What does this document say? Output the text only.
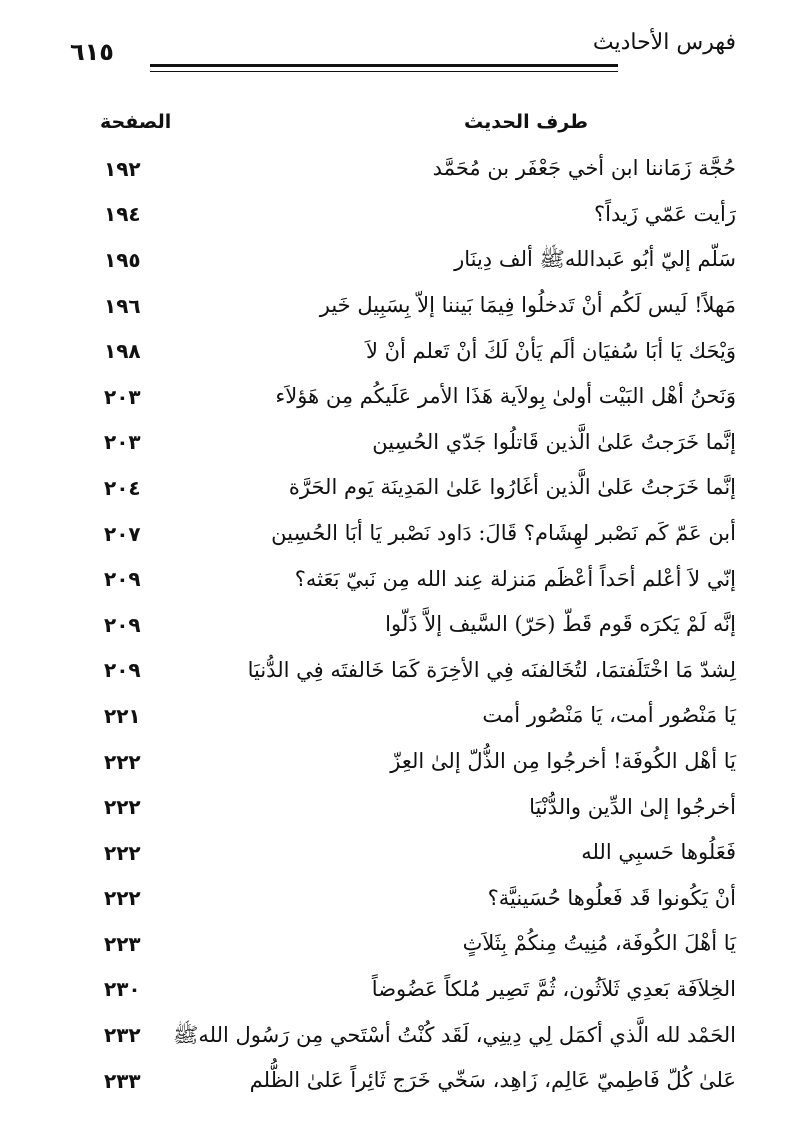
٦١٥	فهرس الأحاديث
طرف الحديث
الصفحة
حُجَّة زَمَاننا ابن أخي جَعْفَر بن مُحَمَّد
١٩٢
رَأيت عَمّي زَيداً؟
١٩٤
سَلّم إليّ أبُو عَبداللهﷺ ألف دِينَار
١٩٥
مَهلاً! لَيس لَكُم أنْ تَدخلُوا فِيمَا بَيننا إلاّ بِسَبِيل خَير
١٩٦
وَيْحَك يَا أبَا سُفيَان ألَم يَأنْ لَكَ أنْ تَعلم أنْ لاَ
١٩٨
وَنَحنُ أهْل البَيْت أولىٰ بِولاَية هَذَا الأمر عَلَيكُم مِن هَؤلاَء
٢٠٣
إنَّما خَرَجتُ عَلىٰ الَّذين قَاتلُوا جَدّي الحُسِين
٢٠٣
إنَّما خَرَجتُ عَلىٰ الَّذين أغَارُوا عَلىٰ المَدِينَة يَوم الحَرَّة
٢٠٤
أبن عَمّ كَم نَصْبر لهِشَام؟ قَالَ: دَاود نَصْبر يَا أبَا الحُسِين
٢٠٧
إنّي لاَ أعْلم أحَداً أعْظَم مَنزلة عِند الله مِن نَبيّ بَعَثه؟
٢٠٩
إنَّه لَمْ يَكرَه قَوم قَطّ (حَرّ) السَّيف إلاَّ ذَلّوا
٢٠٩
لِشدّ مَا اخْتَلَفتمَا، لتُخَالفنَه فِي الأخِرَة كَمَا خَالفتَه فِي الدُّنيَا
٢٠٩
يَا مَنْصُور أمت، يَا مَنْصُور أمت
٢٢١
يَا أهْل الكُوفَة! أخرجُوا مِن الذُّلّ إلىٰ العِزّ
٢٢٢
أخرجُوا إلىٰ الدِّين والدُّنْيَا
٢٢٢
فَعَلُوها حَسبِي الله
٢٢٢
أنْ يَكُونوا قَد فَعلُوها حُسَينيَّة؟
٢٢٢
يَا أهْلَ الكُوفَة، مُنِيتُ مِنكُمْ بِثَلاَثٍ
٢٢٣
الخِلاَفَة بَعدِي ثَلاَثُون، ثُمَّ تَصِير مُلكاً عَضُوضاً
٢٣٠
الحَمْد لله الَّذي أكمَل لِي دِينِي، لَقَد كُنْتُ أسْتَحي مِن رَسُول اللهﷺ
٢٣٢
عَلىٰ كُلّ فَاطِميّ عَالِم، زَاهِد، سَخّي خَرَج ثَائِراً عَلىٰ الظُّلم
٢٣٣
